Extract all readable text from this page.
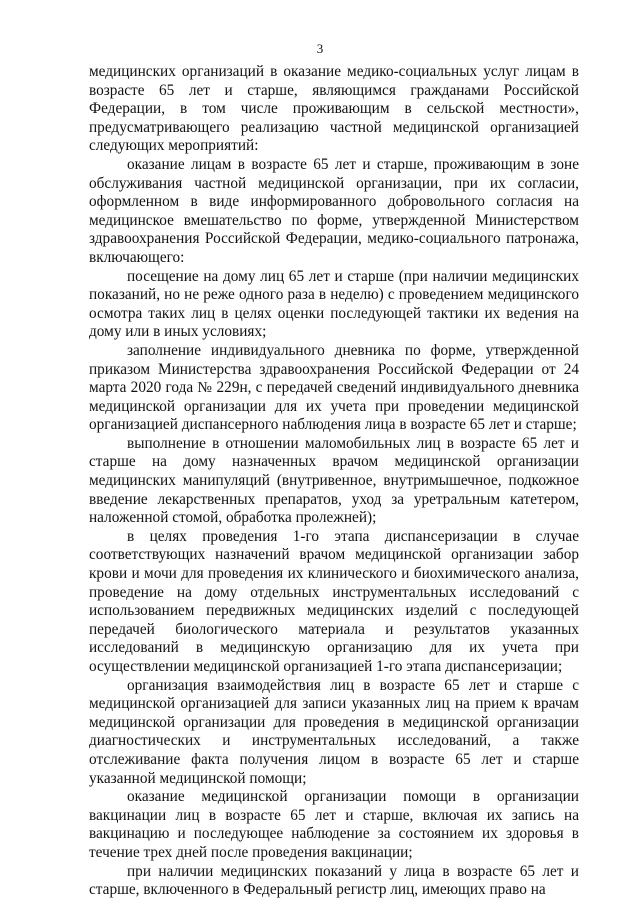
3

медицинских организаций в оказание медико-социальных услуг лицам в возрасте 65 лет и старше, являющимся гражданами Российской Федерации, в том числе проживающим в сельской местности», предусматривающего реализацию частной медицинской организацией следующих мероприятий:

оказание лицам в возрасте 65 лет и старше, проживающим в зоне обслуживания частной медицинской организации, при их согласии, оформленном в виде информированного добровольного согласия на медицинское вмешательство по форме, утвержденной Министерством здравоохранения Российской Федерации, медико-социального патронажа, включающего:

посещение на дому лиц 65 лет и старше (при наличии медицинских показаний, но не реже одного раза в неделю) с проведением медицинского осмотра таких лиц в целях оценки последующей тактики их ведения на дому или в иных условиях;

заполнение индивидуального дневника по форме, утвержденной приказом Министерства здравоохранения Российской Федерации от 24 марта 2020 года № 229н, с передачей сведений индивидуального дневника медицинской организации для их учета при проведении медицинской организацией диспансерного наблюдения лица в возрасте 65 лет и старше;

выполнение в отношении маломобильных лиц в возрасте 65 лет и старше на дому назначенных врачом медицинской организации медицинских манипуляций (внутривенное, внутримышечное, подкожное введение лекарственных препаратов, уход за уретральным катетером, наложенной стомой, обработка пролежней);

в целях проведения 1-го этапа диспансеризации в случае соответствующих назначений врачом медицинской организации забор крови и мочи для проведения их клинического и биохимического анализа, проведение на дому отдельных инструментальных исследований с использованием передвижных медицинских изделий с последующей передачей биологического материала и результатов указанных исследований в медицинскую организацию для их учета при осуществлении медицинской организацией 1-го этапа диспансеризации;

организация взаимодействия лиц в возрасте 65 лет и старше с медицинской организацией для записи указанных лиц на прием к врачам медицинской организации для проведения в медицинской организации диагностических и инструментальных исследований, а также отслеживание факта получения лицом в возрасте 65 лет и старше указанной медицинской помощи;

оказание медицинской организации помощи в организации вакцинации лиц в возрасте 65 лет и старше, включая их запись на вакцинацию и последующее наблюдение за состоянием их здоровья в течение трех дней после проведения вакцинации;

при наличии медицинских показаний у лица в возрасте 65 лет и старше, включенного в Федеральный регистр лиц, имеющих право на
